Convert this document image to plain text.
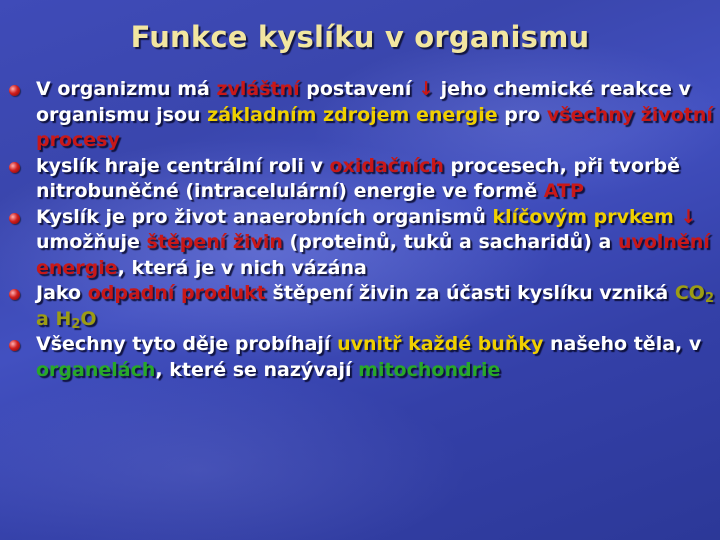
Funkce kyslíku v organismu

V organizmu má zvláštní postavení ↓ jeho chemické reakce v organismu jsou základním zdrojem energie pro všechny životní procesy

kyslík hraje centrální roli v oxidačních procesech, při tvorbě nitrobuněčné (intracelulární) energie ve formě ATP

Kyslík je pro život anaerobních organismů klíčovým prvkem ↓ umožňuje štěpení živin (proteinů, tuků a sacharidů) a uvolnění energie, která je v nich vázána

Jako odpadní produkt štěpení živin za účasti kyslíku vzniká $CO_2$ a $H_2O$

Všechny tyto děje probíhají uvnitř každé buňky našeho těla, v organelách, které se nazývají mitochondrie
